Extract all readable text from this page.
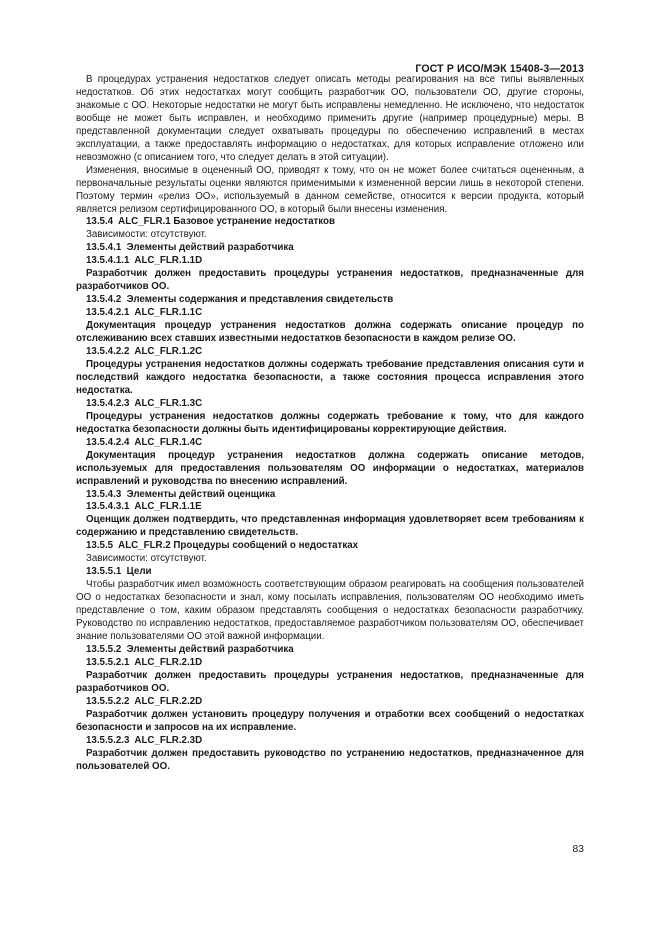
ГОСТ Р ИСО/МЭК 15408-3—2013

В процедурах устранения недостатков следует описать методы реагирования на все типы выявленных недостатков. Об этих недостатках могут сообщить разработчик ОО, пользователи ОО, другие стороны, знакомые с ОО. Некоторые недостатки не могут быть исправлены немедленно. Не исключено, что недостаток вообще не может быть исправлен, и необходимо применить другие (например процедурные) меры. В представленной документации следует охватывать процедуры по обеспечению исправлений в местах эксплуатации, а также предоставлять информацию о недостатках, для которых исправление отложено или невозможно (с описанием того, что следует делать в этой ситуации).

Изменения, вносимые в оцененный ОО, приводят к тому, что он не может более считаться оцененным, а первоначальные результаты оценки являются применимыми к измененной версии лишь в некоторой степени. Поэтому термин «релиз ОО», используемый в данном семействе, относится к версии продукта, который является релизом сертифицированного ОО, в который были внесены изменения.

13.5.4  ALC_FLR.1 Базовое устранение недостатков

Зависимости: отсутствуют.

13.5.4.1  Элементы действий разработчика

13.5.4.1.1  ALC_FLR.1.1D

Разработчик должен предоставить процедуры устранения недостатков, предназначенные для разработчиков ОО.

13.5.4.2  Элементы содержания и представления свидетельств

13.5.4.2.1  ALC_FLR.1.1C

Документация процедур устранения недостатков должна содержать описание процедур по отслеживанию всех ставших известными недостатков безопасности в каждом релизе ОО.

13.5.4.2.2  ALC_FLR.1.2C

Процедуры устранения недостатков должны содержать требование представления описания сути и последствий каждого недостатка безопасности, а также состояния процесса исправления этого недостатка.

13.5.4.2.3  ALC_FLR.1.3C

Процедуры устранения недостатков должны содержать требование к тому, что для каждого недостатка безопасности должны быть идентифицированы корректирующие действия.

13.5.4.2.4  ALC_FLR.1.4C

Документация процедур устранения недостатков должна содержать описание методов, используемых для предоставления пользователям ОО информации о недостатках, материалов исправлений и руководства по внесению исправлений.

13.5.4.3  Элементы действий оценщика

13.5.4.3.1  ALC_FLR.1.1E

Оценщик должен подтвердить, что представленная информация удовлетворяет всем требованиям к содержанию и представлению свидетельств.

13.5.5  ALC_FLR.2 Процедуры сообщений о недостатках

Зависимости: отсутствуют.

13.5.5.1  Цели

Чтобы разработчик имел возможность соответствующим образом реагировать на сообщения пользователей ОО о недостатках безопасности и знал, кому посылать исправления, пользователям ОО необходимо иметь представление о том, каким образом представлять сообщения о недостатках безопасности разработчику. Руководство по исправлению недостатков, предоставляемое разработчиком пользователям ОО, обеспечивает знание пользователями ОО этой важной информации.

13.5.5.2  Элементы действий разработчика

13.5.5.2.1  ALC_FLR.2.1D

Разработчик должен предоставить процедуры устранения недостатков, предназначенные для разработчиков ОО.

13.5.5.2.2  ALC_FLR.2.2D

Разработчик должен установить процедуру получения и отработки всех сообщений о недостатках безопасности и запросов на их исправление.

13.5.5.2.3  ALC_FLR.2.3D

Разработчик должен предоставить руководство по устранению недостатков, предназначенное для пользователей ОО.

83
